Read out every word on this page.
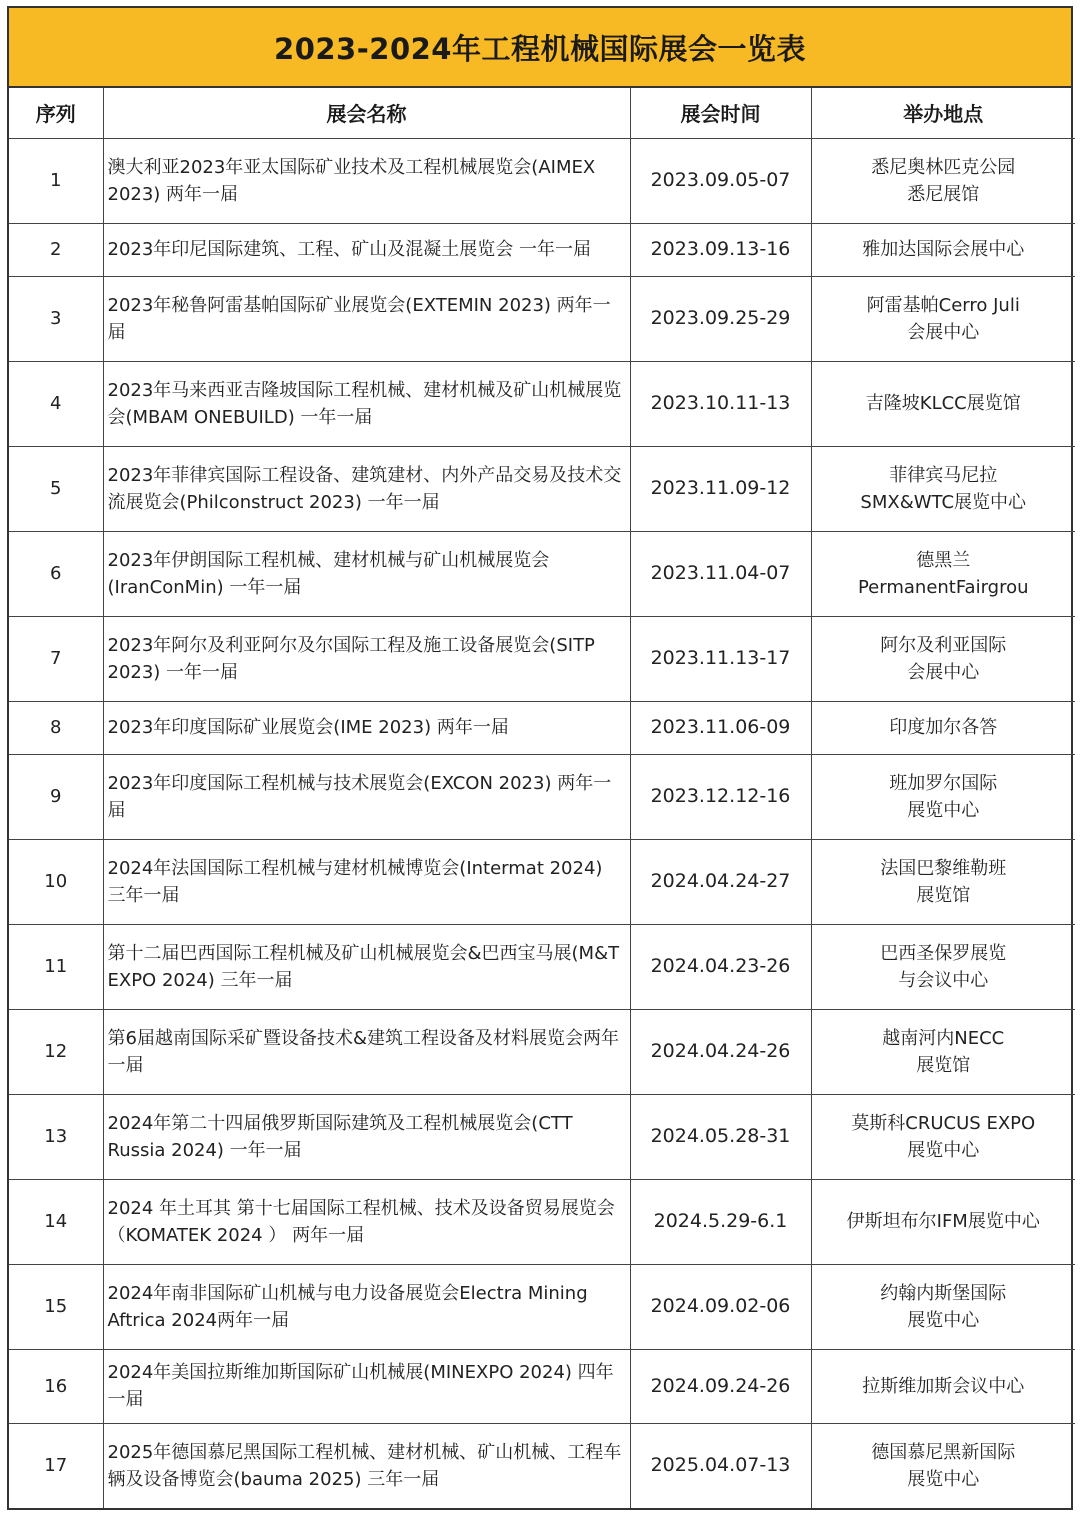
2023-2024年工程机械国际展会一览表
序列	展会名称	展会时间	举办地点
1	澳大利亚2023年亚太国际矿业技术及工程机械展览会(AIMEX 2023) 两年一届	2023.09.05-07	悉尼奥林匹克公园
悉尼展馆
2	2023年印尼国际建筑、工程、矿山及混凝土展览会 一年一届	2023.09.13-16	雅加达国际会展中心
3	2023年秘鲁阿雷基帕国际矿业展览会(EXTEMIN 2023) 两年一届	2023.09.25-29	阿雷基帕Cerro Juli
会展中心
4	2023年马来西亚吉隆坡国际工程机械、建材机械及矿山机械展览会(MBAM ONEBUILD) 一年一届	2023.10.11-13	吉隆坡KLCC展览馆
5	2023年菲律宾国际工程设备、建筑建材、内外产品交易及技术交流展览会(Philconstruct 2023) 一年一届	2023.11.09-12	菲律宾马尼拉
SMX&WTC展览中心
6	2023年伊朗国际工程机械、建材机械与矿山机械展览会(IranConMin) 一年一届	2023.11.04-07	德黑兰
PermanentFairgrou
7	2023年阿尔及利亚阿尔及尔国际工程及施工设备展览会(SITP 2023) 一年一届	2023.11.13-17	阿尔及利亚国际
会展中心
8	2023年印度国际矿业展览会(IME 2023) 两年一届	2023.11.06-09	印度加尔各答
9	2023年印度国际工程机械与技术展览会(EXCON 2023) 两年一届	2023.12.12-16	班加罗尔国际
展览中心
10	2024年法国国际工程机械与建材机械博览会(Intermat 2024) 三年一届	2024.04.24-27	法国巴黎维勒班
展览馆
11	第十二届巴西国际工程机械及矿山机械展览会&巴西宝马展(M&T EXPO 2024) 三年一届	2024.04.23-26	巴西圣保罗展览
与会议中心
12	第6届越南国际采矿暨设备技术&建筑工程设备及材料展览会两年一届	2024.04.24-26	越南河内NECC
展览馆
13	2024年第二十四届俄罗斯国际建筑及工程机械展览会(CTT Russia 2024) 一年一届	2024.05.28-31	莫斯科CRUCUS EXPO
展览中心
14	2024 年土耳其 第十七届国际工程机械、技术及设备贸易展览会 （KOMATEK 2024 ） 两年一届	2024.5.29-6.1	伊斯坦布尔IFM展览中心
15	2024年南非国际矿山机械与电力设备展览会Electra Mining Aftrica 2024两年一届	2024.09.02-06	约翰内斯堡国际
展览中心
16	2024年美国拉斯维加斯国际矿山机械展(MINEXPO 2024) 四年一届	2024.09.24-26	拉斯维加斯会议中心
17	2025年德国慕尼黑国际工程机械、建材机械、矿山机械、工程车辆及设备博览会(bauma 2025) 三年一届	2025.04.07-13	德国慕尼黑新国际
展览中心
